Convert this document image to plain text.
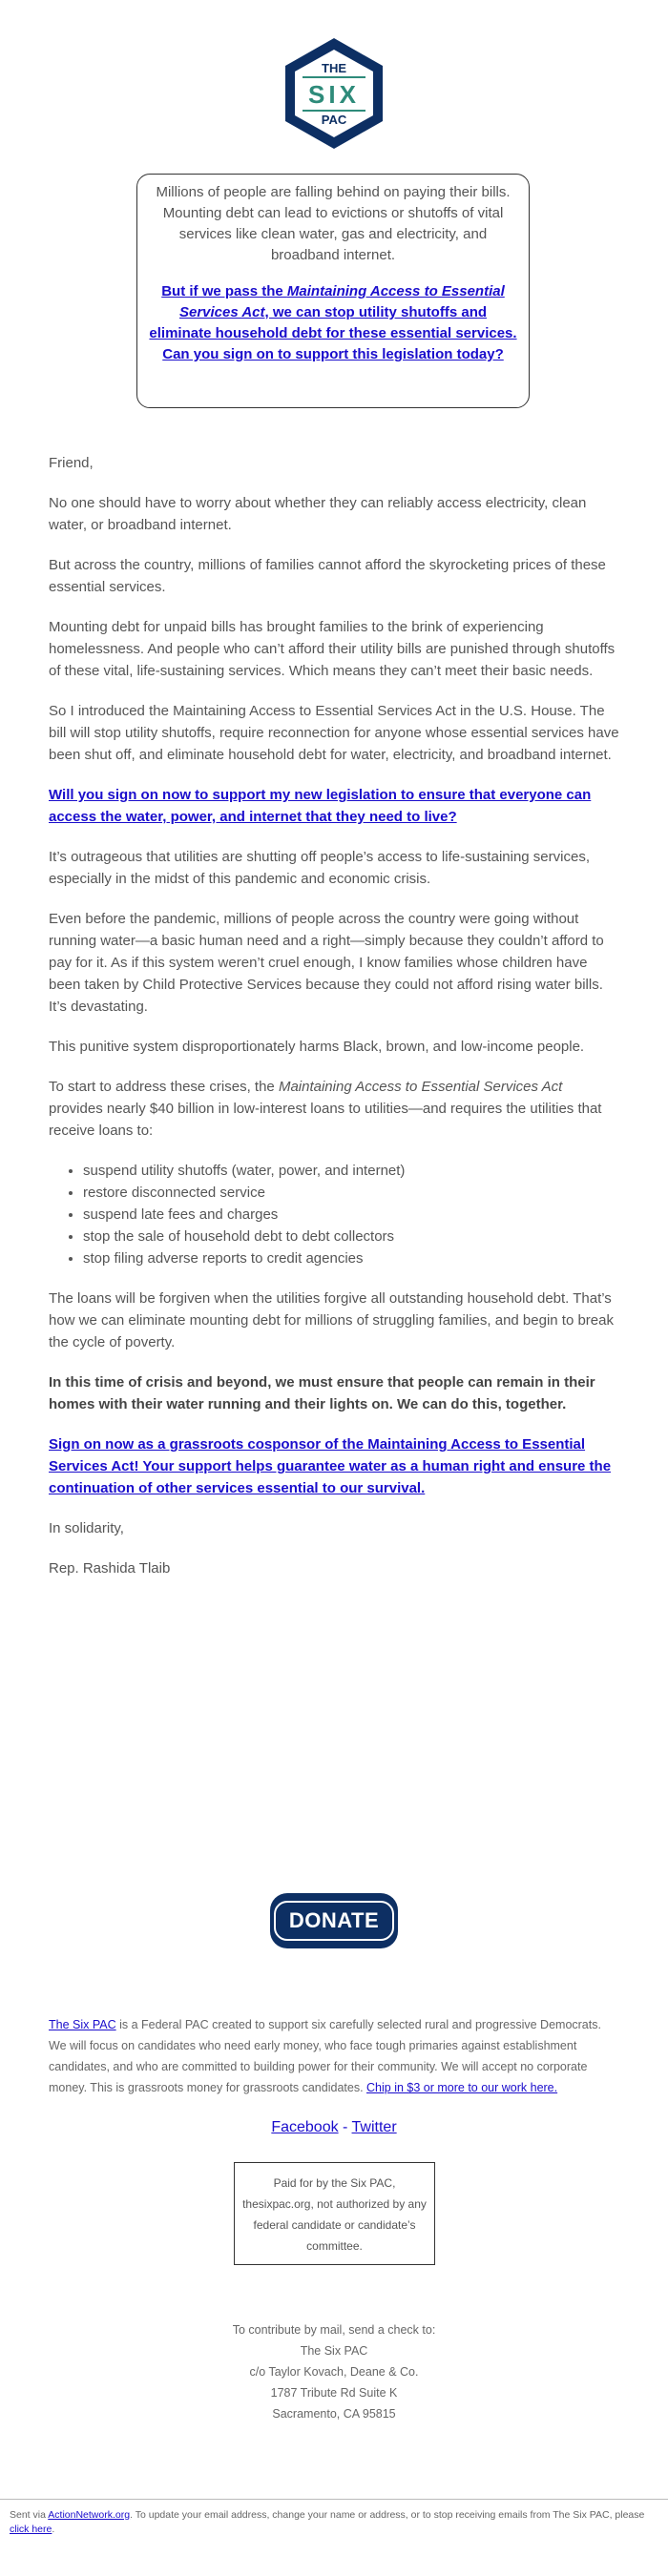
THE
SIX
PAC

Millions of people are falling behind on paying their bills. Mounting debt can lead to evictions or shutoffs of vital services like clean water, gas and electricity, and broadband internet.

But if we pass the Maintaining Access to Essential Services Act, we can stop utility shutoffs and eliminate household debt for these essential services. Can you sign on to support this legislation today?

Friend,

No one should have to worry about whether they can reliably access electricity, clean water, or broadband internet.

But across the country, millions of families cannot afford the skyrocketing prices of these essential services.

Mounting debt for unpaid bills has brought families to the brink of experiencing homelessness. And people who can’t afford their utility bills are punished through shutoffs of these vital, life-sustaining services. Which means they can’t meet their basic needs.

So I introduced the Maintaining Access to Essential Services Act in the U.S. House. The bill will stop utility shutoffs, require reconnection for anyone whose essential services have been shut off, and eliminate household debt for water, electricity, and broadband internet.

Will you sign on now to support my new legislation to ensure that everyone can access the water, power, and internet that they need to live?

It’s outrageous that utilities are shutting off people’s access to life-sustaining services, especially in the midst of this pandemic and economic crisis.

Even before the pandemic, millions of people across the country were going without running water—a basic human need and a right—simply because they couldn’t afford to pay for it. As if this system weren’t cruel enough, I know families whose children have been taken by Child Protective Services because they could not afford rising water bills. It’s devastating.

This punitive system disproportionately harms Black, brown, and low-income people.

To start to address these crises, the Maintaining Access to Essential Services Act provides nearly $40 billion in low-interest loans to utilities—and requires the utilities that receive loans to:

• suspend utility shutoffs (water, power, and internet)
• restore disconnected service
• suspend late fees and charges
• stop the sale of household debt to debt collectors
• stop filing adverse reports to credit agencies

The loans will be forgiven when the utilities forgive all outstanding household debt. That’s how we can eliminate mounting debt for millions of struggling families, and begin to break the cycle of poverty.

In this time of crisis and beyond, we must ensure that people can remain in their homes with their water running and their lights on. We can do this, together.

Sign on now as a grassroots cosponsor of the Maintaining Access to Essential Services Act! Your support helps guarantee water as a human right and ensure the continuation of other services essential to our survival.

In solidarity,

Rep. Rashida Tlaib

DONATE
The Six PAC is a Federal PAC created to support six carefully selected rural and progressive Democrats. We will focus on candidates who need early money, who face tough primaries against establishment candidates, and who are committed to building power for their community. We will accept no corporate money. This is grassroots money for grassroots candidates. Chip in $3 or more to our work here.
Facebook - Twitter
Paid for by the Six PAC, thesixpac.org, not authorized by any federal candidate or candidate’s committee.
To contribute by mail, send a check to:
The Six PAC
c/o Taylor Kovach, Deane & Co.
1787 Tribute Rd Suite K
Sacramento, CA 95815
Sent via ActionNetwork.org. To update your email address, change your name or address, or to stop receiving emails from The Six PAC, please click here.
